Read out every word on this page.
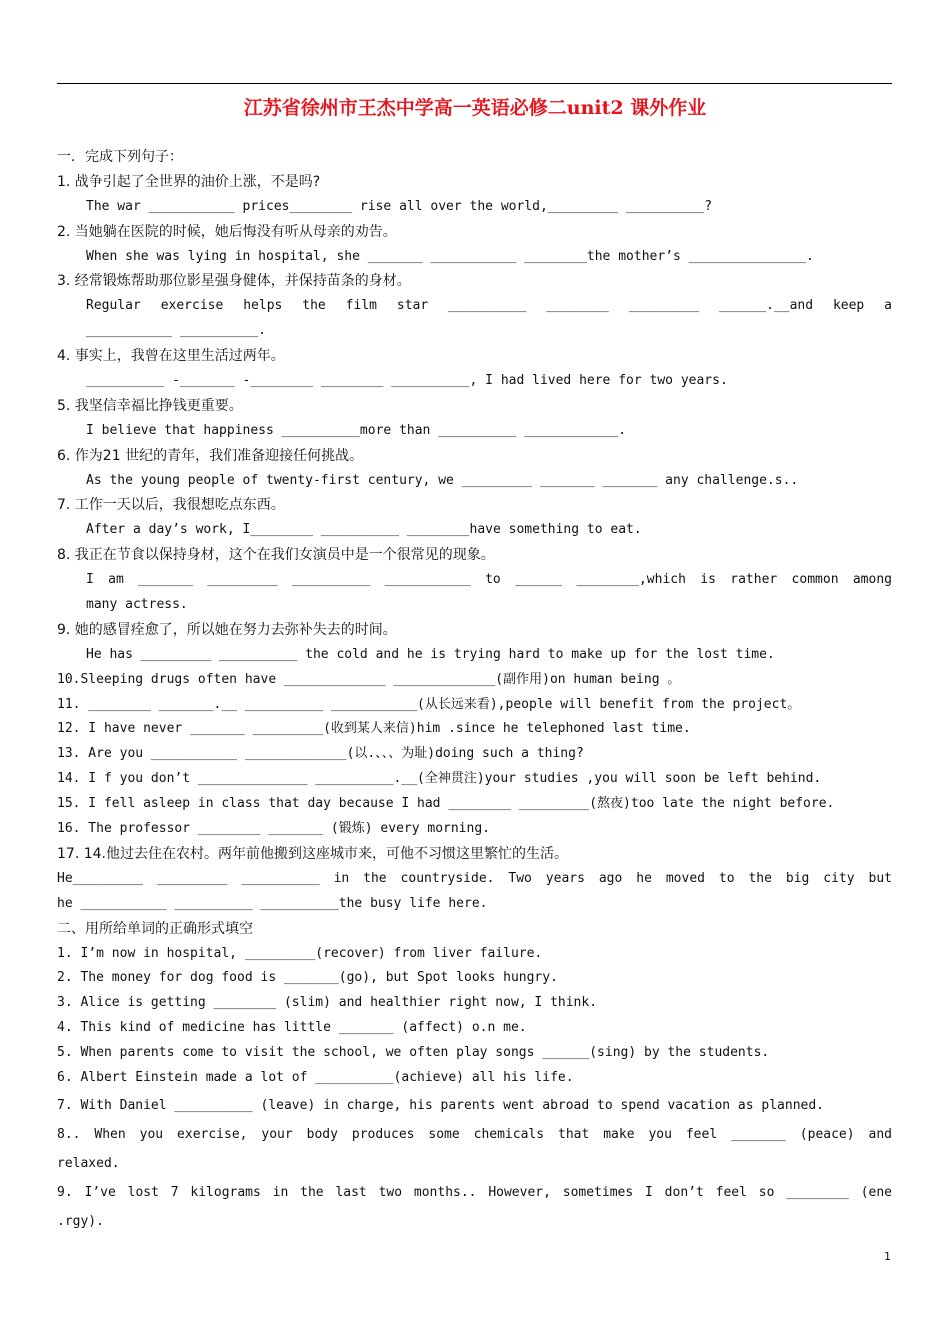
江苏省徐州市王杰中学高一英语必修二unit2 课外作业
一．完成下列句子：
1. 战争引起了全世界的油价上涨，不是吗?
The war ___________ prices________ rise all over the world,_________ __________?
2. 当她躺在医院的时候，她后悔没有听从母亲的劝告。
When she was lying in hospital, she _______ ___________ ________the mother’s _______________.
3. 经常锻炼帮助那位影星强身健体，并保持苗条的身材。
Regular exercise helps the film star __________ ________ _________ ______.__and keep a
___________ __________.
4. 事实上，我曾在这里生活过两年。
__________ -_______ -________ ________ __________, I had lived here for two years.
5. 我坚信幸福比挣钱更重要。
I believe that happiness __________more than __________ ____________.
6. 作为21 世纪的青年，我们准备迎接任何挑战。
As the young people of twenty-first century, we _________ _______ _______ any challenge.s..
7. 工作一天以后，我很想吃点东西。
After a day’s work, I________ __________ ________have something to eat.
8. 我正在节食以保持身材，这个在我们女演员中是一个很常见的现象。
I am _______ _________ __________ ___________ to ______ ________,which is rather common among
many actress.
9. 她的感冒痊愈了，所以她在努力去弥补失去的时间。
He has _________ __________ the cold and he is trying hard to make up for the lost time.
10.Sleeping drugs often have _____________ _____________(副作用)on human being 。
11. ________ _______.__ __________ ___________(从长远来看),people will benefit from the project。
12. I have never _______ _________(收到某人来信)him .since he telephoned last time.
13. Are you ___________ _____________(以.、、、为耻)doing such a thing?
14. I f you don’t ______________ __________.__(全神贯注)your studies ,you will soon be left behind.
15. I fell asleep in class that day because I had ________ _________(熬夜)too late the night before.
16. The professor ________ _______ (锻炼) every morning.
17. 14.他过去住在农村。两年前他搬到这座城市来，可他不习惯这里繁忙的生活。
He_________ _________ __________ in the countryside. Two years ago he moved to the big city but
he ___________ __________ __________the busy life here.
二、用所给单词的正确形式填空
1. I’m now in hospital, _________(recover) from liver failure.
2. The money for dog food is _______(go), but Spot looks hungry.
3. Alice is getting ________ (slim) and healthier right now, I think.
4. This kind of medicine has little _______ (affect) o.n me.
5. When parents come to visit the school, we often play songs ______(sing) by the students.
6. Albert Einstein made a lot of __________(achieve) all his life.
7. With Daniel __________ (leave) in charge, his parents went abroad to spend vacation as planned.
8.. When you exercise, your body produces some chemicals that make you feel _______ (peace) and
relaxed.
9. I’ve lost 7 kilograms in the last two months.. However, sometimes I don’t feel so ________ (ene
.rgy).
1
